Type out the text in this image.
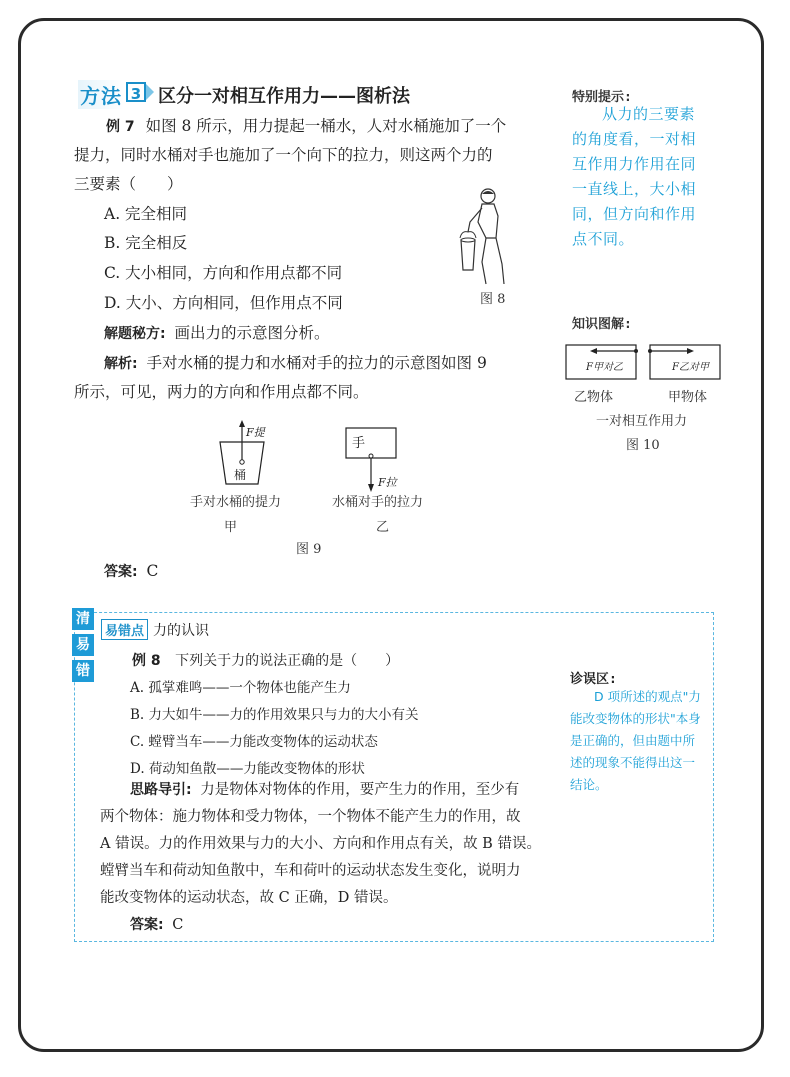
方法 3 区分一对相互作用力——图析法
例 7 如图 8 所示，用力提起一桶水，人对水桶施加了一个
提力，同时水桶对手也施加了一个向下的拉力，则这两个力的
三要素（　　）
A. 完全相同
B. 完全相反
C. 大小相同，方向和作用点都不同
D. 大小、方向相同，但作用点不同	图 8
解题秘方: 画出力的示意图分析。
解析: 手对水桶的提力和水桶对手的拉力的示意图如图 9
所示，可见，两力的方向和作用点都不同。
F提
桶
手对水桶的提力
甲
手
F拉
水桶对手的拉力
乙
图 9
答案: C
特别提示:
从力的三要素
的角度看，一对相
互作用力作用在同
一直线上，大小相
同，但方向和作用
点不同。
知识图解:
F甲对乙	F乙对甲
乙物体	甲物体
一对相互作用力
图 10
清
易
错
易错点 力的认识
例 8 下列关于力的说法正确的是（　　）
A. 孤掌难鸣——一个物体也能产生力
B. 力大如牛——力的作用效果只与力的大小有关
C. 螳臂当车——力能改变物体的运动状态
D. 荷动知鱼散——力能改变物体的形状
思路导引: 力是物体对物体的作用，要产生力的作用，至少有
两个物体：施力物体和受力物体，一个物体不能产生力的作用，故
A 错误。力的作用效果与力的大小、方向和作用点有关，故 B 错误。
螳臂当车和荷动知鱼散中，车和荷叶的运动状态发生变化，说明力
能改变物体的运动状态，故 C 正确，D 错误。
答案: C
诊误区:
D 项所述的观点"力
能改变物体的形状"本身
是正确的，但由题中所
述的现象不能得出这一
结论。
